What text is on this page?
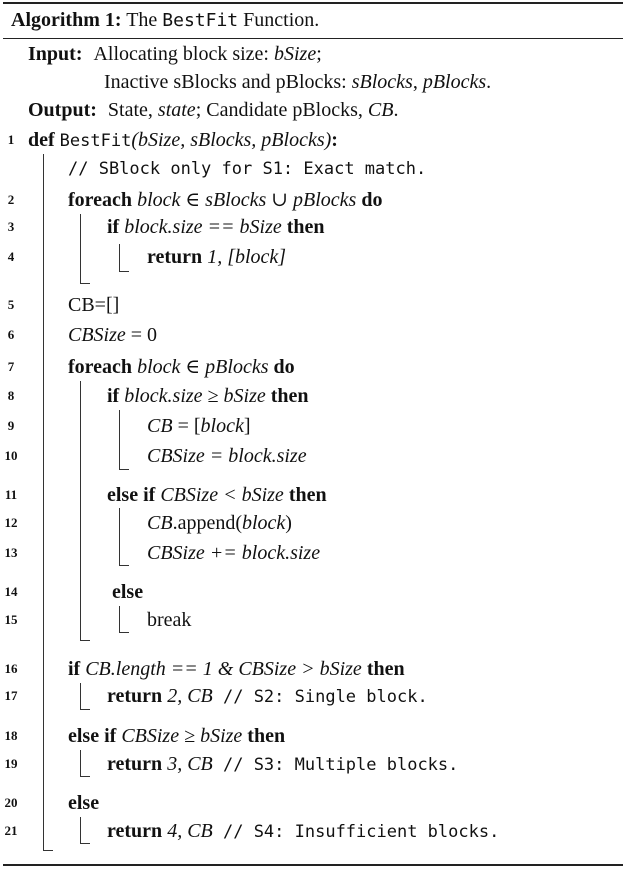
Algorithm 1: The BestFit Function.
Input: Allocating block size: bSize;
Inactive sBlocks and pBlocks: sBlocks, pBlocks.
Output: State, state; Candidate pBlocks, CB.
1
2
3
4
5
6
7
8
9
10
11
12
13
14
15
16
17
18
19
20
21
def BestFit(bSize, sBlocks, pBlocks):
// SBlock only for S1: Exact match.
foreach block ∈ sBlocks ∪ pBlocks do
if block.size == bSize then
return 1, [block]
CB=[]
CBSize = 0
foreach block ∈ pBlocks do
if block.size ≥ bSize then
CB = [block]
CBSize = block.size
else if CBSize < bSize then
CB.append(block)
CBSize += block.size
else
break
if CB.length == 1 & CBSize > bSize then
return 2, CB // S2: Single block.
else if CBSize ≥ bSize then
return 3, CB // S3: Multiple blocks.
else
return 4, CB // S4: Insufficient blocks.
